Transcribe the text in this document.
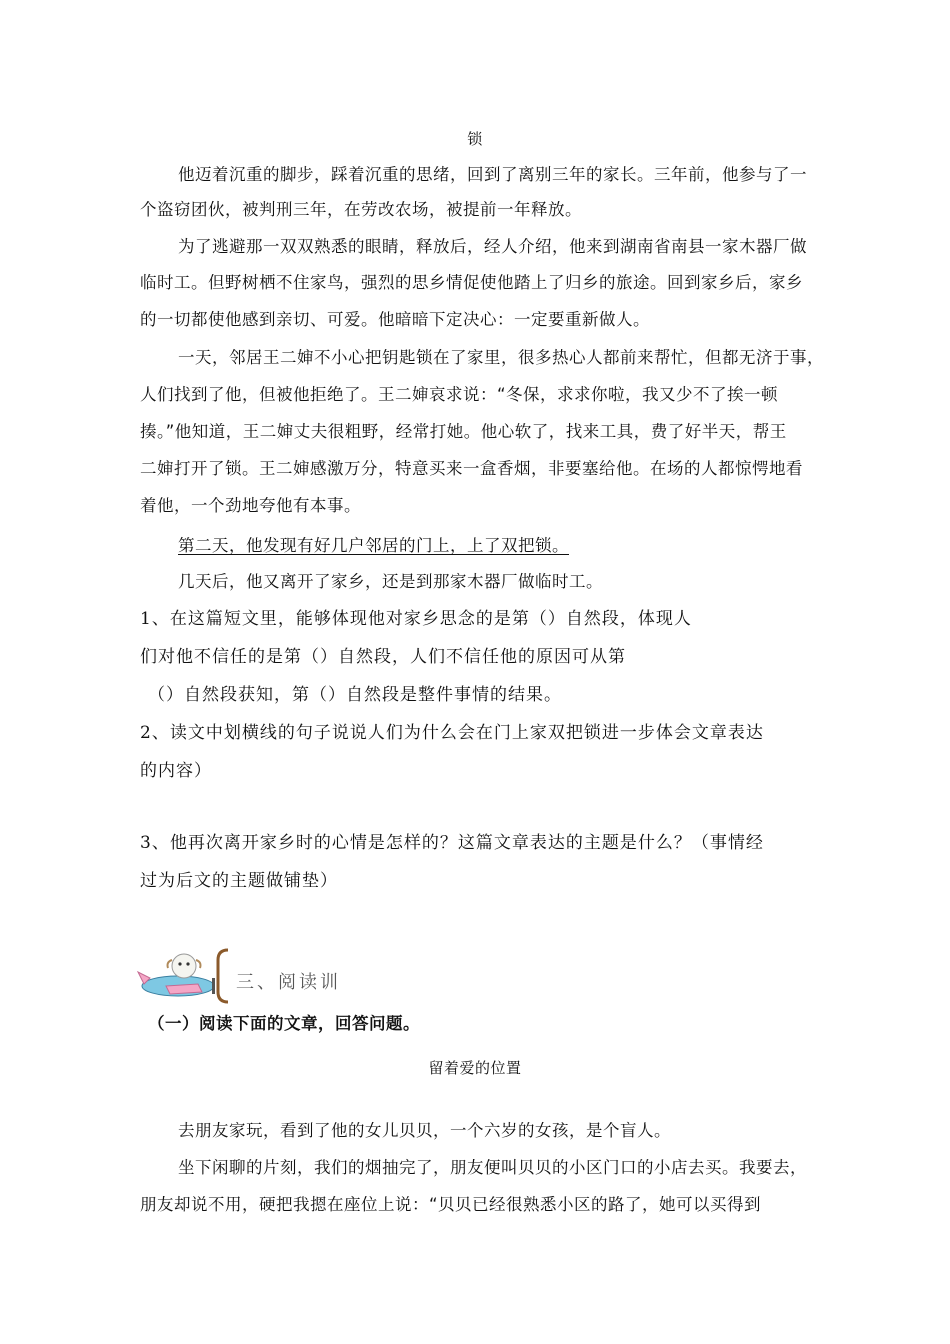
锁
他迈着沉重的脚步，踩着沉重的思绪，回到了离别三年的家长。三年前，他参与了一
个盗窃团伙，被判刑三年，在劳改农场，被提前一年释放。
为了逃避那一双双熟悉的眼睛，释放后，经人介绍，他来到湖南省南县一家木器厂做
临时工。但野树栖不住家鸟，强烈的思乡情促使他踏上了归乡的旅途。回到家乡后，家乡
的一切都使他感到亲切、可爱。他暗暗下定决心：一定要重新做人。
一天，邻居王二婶不小心把钥匙锁在了家里，很多热心人都前来帮忙，但都无济于事，
人们找到了他，但被他拒绝了。王二婶哀求说：“冬保，求求你啦，我又少不了挨一顿
揍。”他知道，王二婶丈夫很粗野，经常打她。他心软了，找来工具，费了好半天，帮王
二婶打开了锁。王二婶感激万分，特意买来一盒香烟，非要塞给他。在场的人都惊愕地看
着他，一个劲地夸他有本事。
第二天，他发现有好几户邻居的门上，上了双把锁。
几天后，他又离开了家乡，还是到那家木器厂做临时工。
1、在这篇短文里，能够体现他对家乡思念的是第（）自然段，体现人
们对他不信任的是第（）自然段，人们不信任他的原因可从第
（）自然段获知，第（）自然段是整件事情的结果。
2、读文中划横线的句子说说人们为什么会在门上家双把锁进一步体会文章表达
的内容）
3、他再次离开家乡时的心情是怎样的？这篇文章表达的主题是什么？（事情经
过为后文的主题做铺垫）
三、阅读训
（一）阅读下面的文章，回答问题。
留着爱的位置
去朋友家玩，看到了他的女儿贝贝，一个六岁的女孩，是个盲人。
坐下闲聊的片刻，我们的烟抽完了，朋友便叫贝贝的小区门口的小店去买。我要去，
朋友却说不用，硬把我摁在座位上说：“贝贝已经很熟悉小区的路了，她可以买得到
